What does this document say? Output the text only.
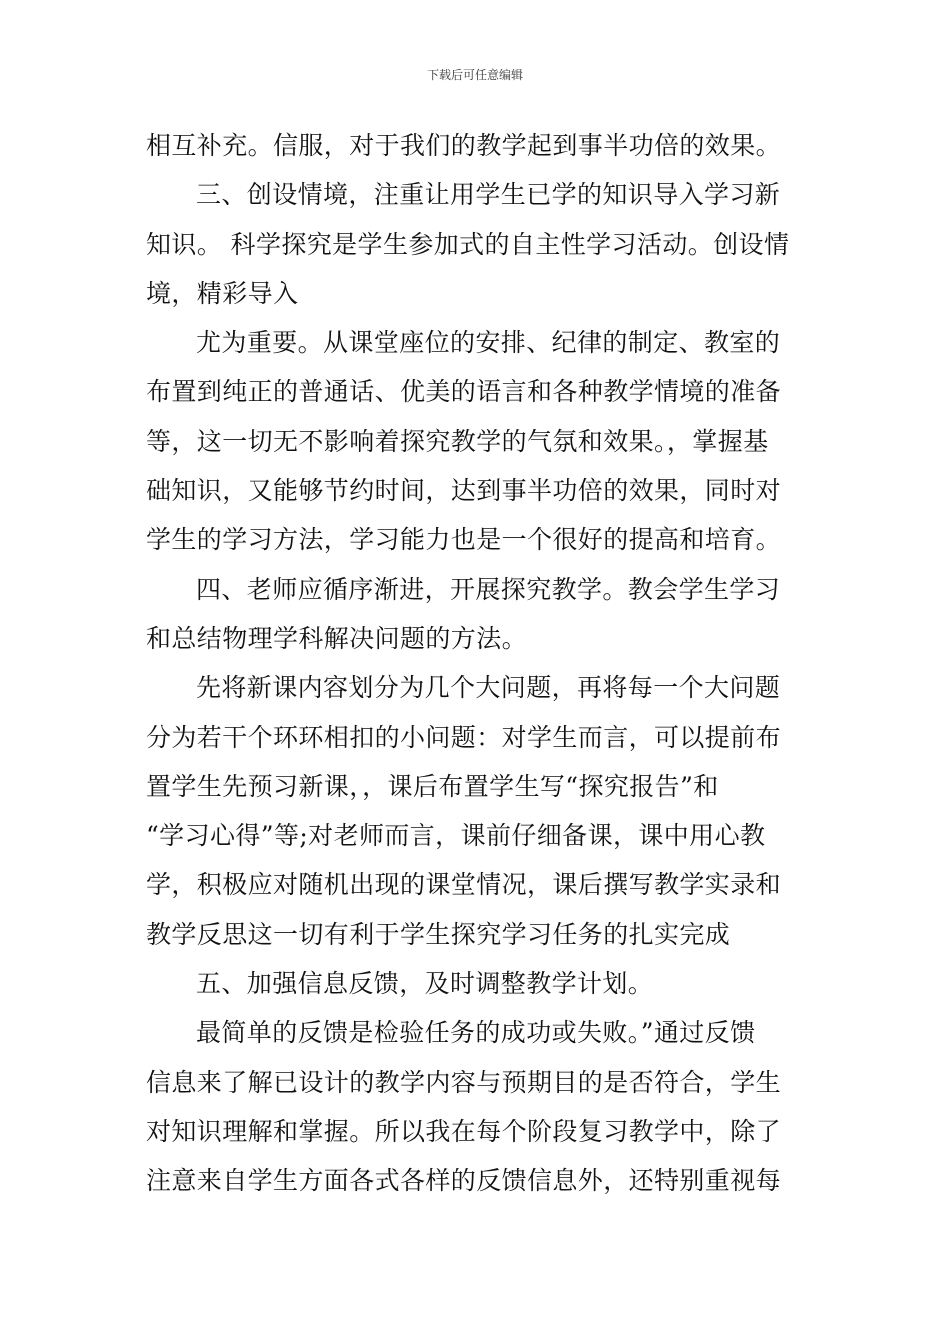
下载后可任意编辑
相互补充。信服，对于我们的教学起到事半功倍的效果。
三、创设情境，注重让用学生已学的知识导入学习新
知识。 科学探究是学生参加式的自主性学习活动。创设情
境，精彩导入
尤为重要。从课堂座位的安排、纪律的制定、教室的
布置到纯正的普通话、优美的语言和各种教学情境的准备
等，这一切无不影响着探究教学的气氛和效果。，掌握基
础知识，又能够节约时间，达到事半功倍的效果，同时对
学生的学习方法，学习能力也是一个很好的提高和培育。
四、老师应循序渐进，开展探究教学。教会学生学习
和总结物理学科解决问题的方法。
先将新课内容划分为几个大问题，再将每一个大问题
分为若干个环环相扣的小问题：对学生而言，可以提前布
置学生先预习新课，，课后布置学生写“探究报告”和
“学习心得”等;对老师而言，课前仔细备课，课中用心教
学，积极应对随机出现的课堂情况，课后撰写教学实录和
教学反思这一切有利于学生探究学习任务的扎实完成
五、加强信息反馈，及时调整教学计划。
最简单的反馈是检验任务的成功或失败。”通过反馈
信息来了解已设计的教学内容与预期目的是否符合，学生
对知识理解和掌握。所以我在每个阶段复习教学中，除了
注意来自学生方面各式各样的反馈信息外，还特别重视每
